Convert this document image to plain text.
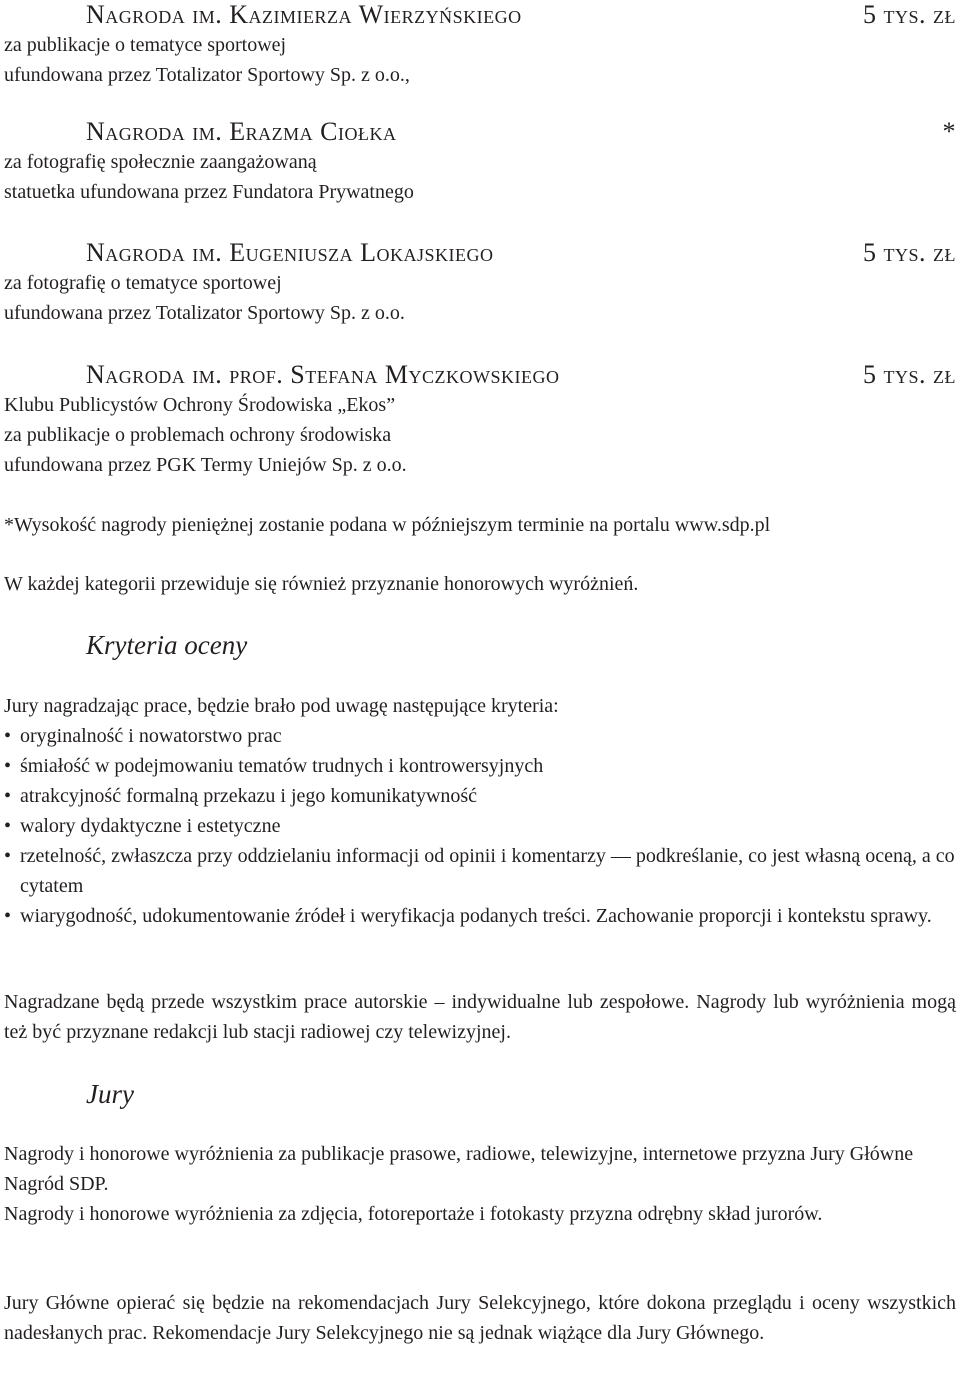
Nagroda im. Kazimierza Wierzyńskiego	5 tys. zł
za publikacje o tematyce sportowej
ufundowana przez Totalizator Sportowy Sp. z o.o.,
Nagroda im. Erazma Ciołka	*
za fotografię społecznie zaangażowaną
statuetka ufundowana przez Fundatora Prywatnego
Nagroda im. Eugeniusza Lokajskiego	5 tys. zł
za fotografię o tematyce sportowej
ufundowana przez Totalizator Sportowy Sp. z o.o.
Nagroda im. prof. Stefana Myczkowskiego	5 tys. zł
Klubu Publicystów Ochrony Środowiska „Ekos”
za publikacje o problemach ochrony środowiska
ufundowana przez PGK Termy Uniejów Sp. z o.o.

*Wysokość nagrody pieniężnej zostanie podana w późniejszym terminie na portalu www.sdp.pl

W każdej kategorii przewiduje się również przyznanie honorowych wyróżnień.

Kryteria oceny

Jury nagradzając prace, będzie brało pod uwagę następujące kryteria:

• oryginalność i nowatorstwo prac
• śmiałość w podejmowaniu tematów trudnych i kontrowersyjnych
• atrakcyjność formalną przekazu i jego komunikatywność
• walory dydaktyczne i estetyczne
• rzetelność, zwłaszcza przy oddzielaniu informacji od opinii i komentarzy — podkreślanie, co jest własną oceną, a co cytatem
• wiarygodność, udokumentowanie źródeł i weryfikacja podanych treści. Zachowanie proporcji i kontekstu sprawy.

Nagradzane będą przede wszystkim prace autorskie – indywidualne lub zespołowe. Nagrody lub wyróżnienia mogą też być przyznane redakcji lub stacji radiowej czy telewizyjnej.

Jury

Nagrody i honorowe wyróżnienia za publikacje prasowe, radiowe, telewizyjne, internetowe przyzna Jury Główne Nagród SDP.

Nagrody i honorowe wyróżnienia za zdjęcia, fotoreportaże i fotokasty przyzna odrębny skład jurorów.

Jury Główne opierać się będzie na rekomendacjach Jury Selekcyjnego, które dokona przeglądu i oceny wszystkich nadesłanych prac. Rekomendacje Jury Selekcyjnego nie są jednak wiążące dla Jury Głównego.
